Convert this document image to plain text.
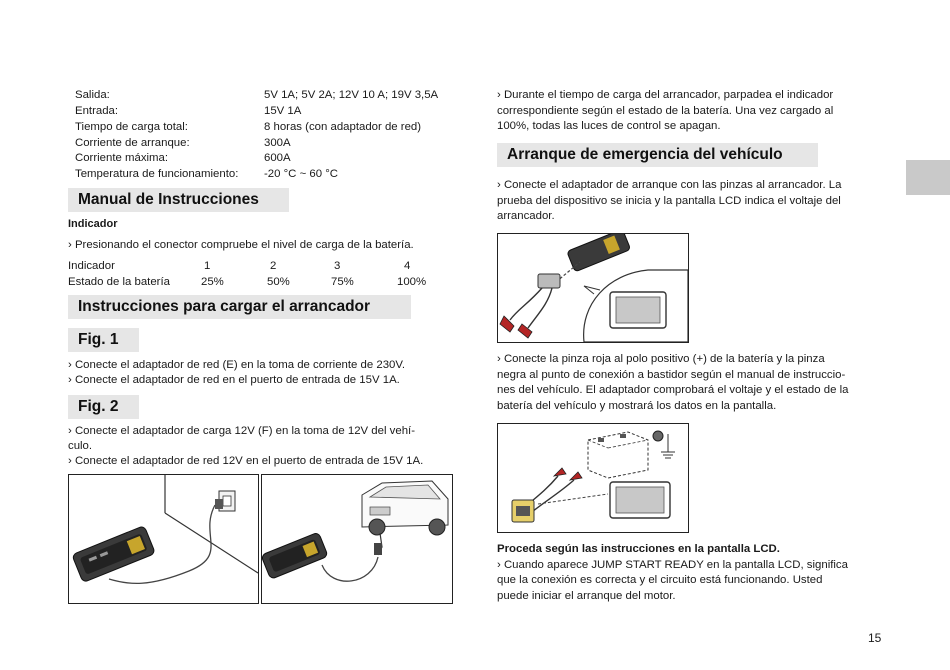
Salida:	5V 1A; 5V 2A; 12V 10 A; 19V 3,5A
Entrada:	15V 1A
Tiempo de carga total:	8 horas (con adaptador de red)
Corriente de arranque:	300A
Corriente máxima:	600A
Temperatura de funcionamiento: -20 °C ~ 60 °C
Manual de Instrucciones
Indicador
› Presionando el conector compruebe el nivel de carga de la batería.
Indicador	1	2	3	4
Estado de la batería	25%	50%	75%	100%
Instrucciones para cargar el arrancador
Fig. 1
› Conecte el adaptador de red (E) en la toma de corriente de 230V.
› Conecte el adaptador de red en el puerto de entrada de 15V 1A.
Fig. 2
› Conecte el adaptador de carga 12V (F) en la toma de 12V del vehí-
culo.
› Conecte el adaptador de red 12V en el puerto de entrada de 15V 1A.
› Durante el tiempo de carga del arrancador, parpadea el indicador
correspondiente según el estado de la batería. Una vez cargado al
100%, todas las luces de control se apagan.
Arranque de emergencia del vehículo
› Conecte el adaptador de arranque con las pinzas al arrancador. La
prueba del dispositivo se inicia y la pantalla LCD indica el voltaje del
arrancador.
› Conecte la pinza roja al polo positivo (+) de la batería y la pinza
negra al punto de conexión a bastidor según el manual de instruccio-
nes del vehículo. El adaptador comprobará el voltaje y el estado de la
batería del vehículo y mostrará los datos en la pantalla.
Proceda según las instrucciones en la pantalla LCD.
› Cuando aparece JUMP START READY en la pantalla LCD, significa
que la conexión es correcta y el circuito está funcionando. Usted
puede iniciar el arranque del motor.
15
